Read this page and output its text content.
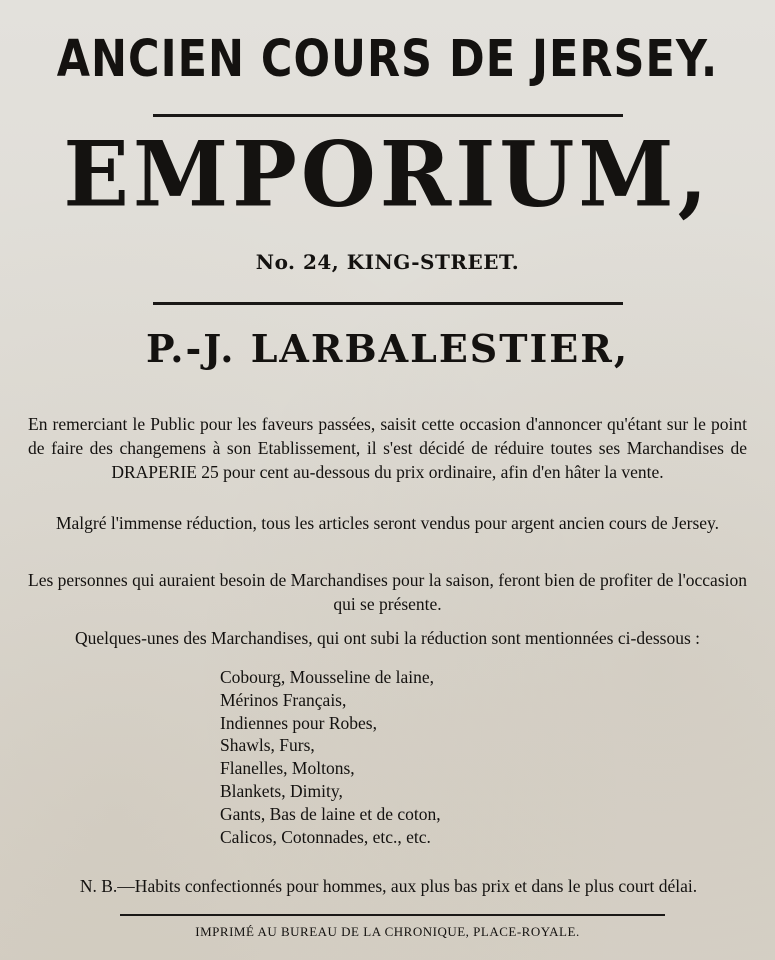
ANCIEN COURS DE JERSEY.
EMPORIUM,
No. 24, KING-STREET.
P.-J. LARBALESTIER,

En remerciant le Public pour les faveurs passées, saisit cette occasion d'annoncer qu'étant sur le point de faire des changemens à son Etablissement, il s'est décidé de réduire toutes ses Marchandises de DRAPERIE 25 pour cent au-dessous du prix ordinaire, afin d'en hâter la vente.

Malgré l'immense réduction, tous les articles seront vendus pour argent ancien cours de Jersey.

Les personnes qui auraient besoin de Marchandises pour la saison, feront bien de profiter de l'occasion qui se présente.

Quelques-unes des Marchandises, qui ont subi la réduction sont mentionnées ci-dessous :

Cobourg, Mousseline de laine,
Mérinos Français,
Indiennes pour Robes,
Shawls, Furs,
Flanelles, Moltons,
Blankets, Dimity,
Gants, Bas de laine et de coton,
Calicos, Cotonnades, etc., etc.

N. B.—Habits confectionnés pour hommes, aux plus bas prix et dans le plus court délai.

IMPRIMÉ AU BUREAU DE LA CHRONIQUE, PLACE-ROYALE.
